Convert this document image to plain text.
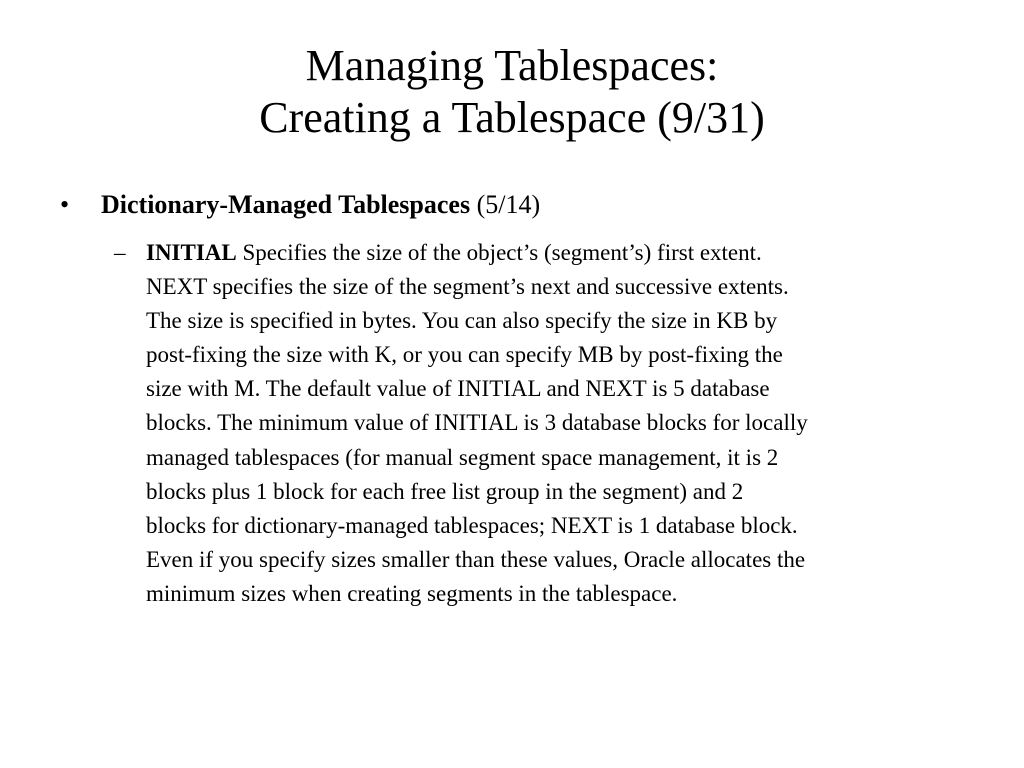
Managing Tablespaces:
Creating a Tablespace (9/31)
• Dictionary-Managed Tablespaces (5/14)
– INITIAL Specifies the size of the object’s (segment’s) first extent.
NEXT specifies the size of the segment’s next and successive extents.
The size is specified in bytes. You can also specify the size in KB by
post-fixing the size with K, or you can specify MB by post-fixing the
size with M. The default value of INITIAL and NEXT is 5 database
blocks. The minimum value of INITIAL is 3 database blocks for locally
managed tablespaces (for manual segment space management, it is 2
blocks plus 1 block for each free list group in the segment) and 2
blocks for dictionary-managed tablespaces; NEXT is 1 database block.
Even if you specify sizes smaller than these values, Oracle allocates the
minimum sizes when creating segments in the tablespace.
